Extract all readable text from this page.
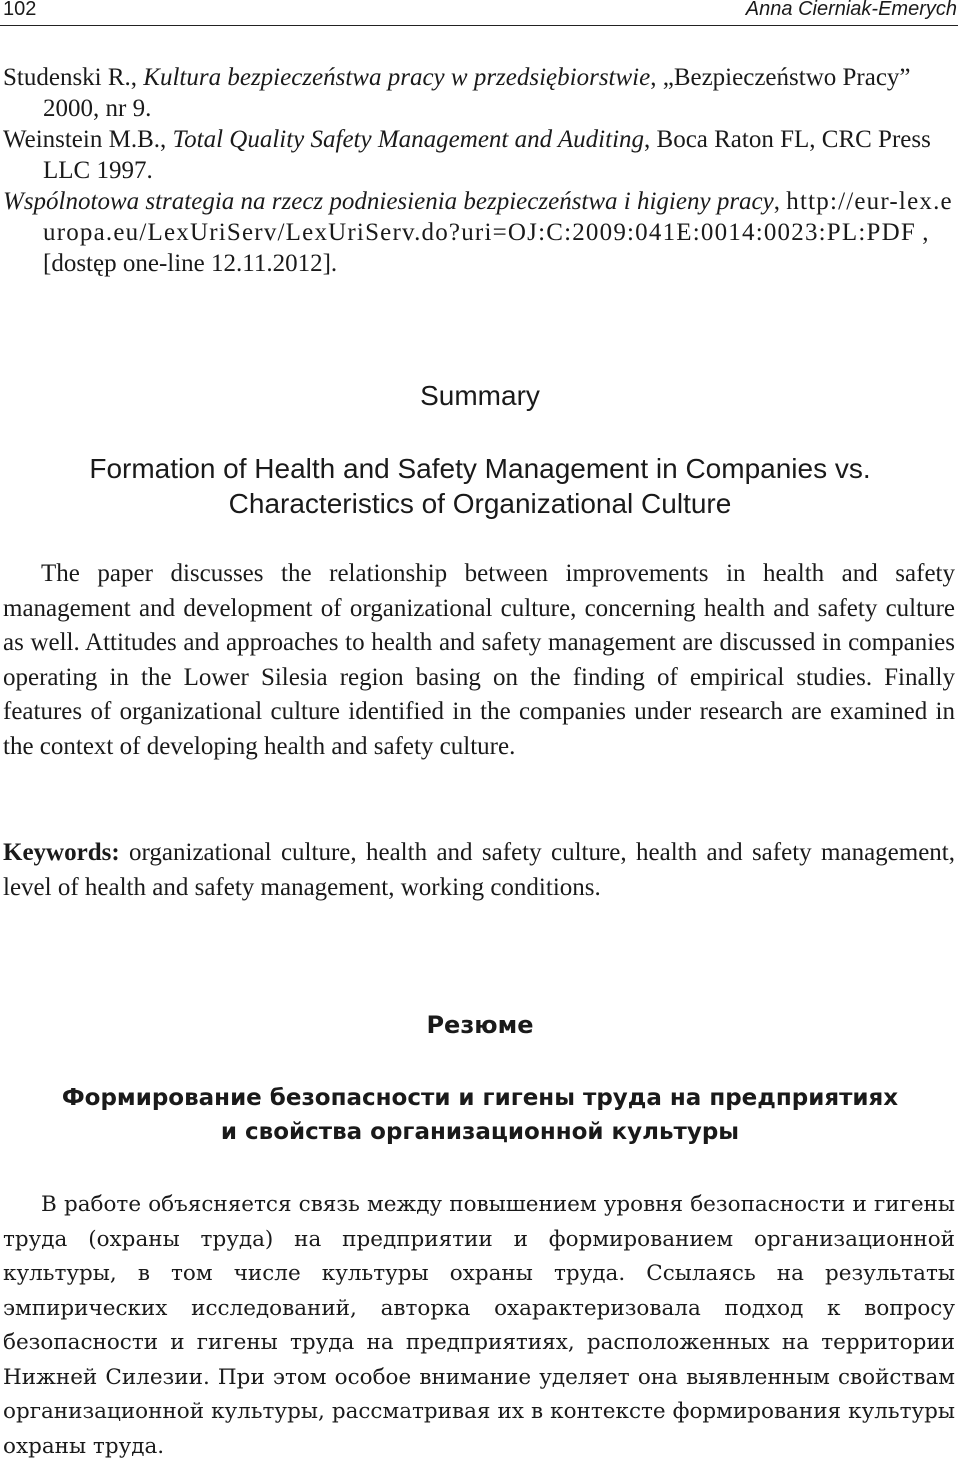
102	Anna Cierniak-Emerych
Studenski R., Kultura bezpieczeństwa pracy w przedsiębiorstwie, „Bezpieczeństwo Pracy” 2000, nr 9.
Weinstein M.B., Total Quality Safety Management and Auditing, Boca Raton FL, CRC Press LLC 1997.
Wspólnotowa strategia na rzecz podniesienia bezpieczeństwa i higieny pracy, http://eur-lex.europa.eu/LexUriServ/LexUriServ.do?uri=OJ:C:2009:041E:0014:0023:PL:PDF , [dostęp one-line 12.11.2012].
Summary
Formation of Health and Safety Management in Companies vs.
Characteristics of Organizational Culture

The paper discusses the relationship between improvements in health and safety management and development of organizational culture, concerning health and safety culture as well. Attitudes and approaches to health and safety management are discussed in companies operating in the Lower Silesia region basing on the finding of empirical studies. Finally features of organizational culture identified in the companies under research are examined in the context of developing health and safety culture.

Keywords: organizational culture, health and safety culture, health and safety management, level of health and safety management, working conditions.

Резюме
Формирование безопасности и гигены труда на предприятиях
и свойства организационной культуры

В работе объясняется связь между повышением уровня безопасности и гигены труда (охраны труда) на предприятии и формированием организационной культуры, в том числе культуры охраны труда. Ссылаясь на результаты эмпирических исследований, авторка охарактеризовала подход к вопросу безопасности и гигены труда на предприятиях, расположенных на территории Нижней Силезии. При этом особое внимание уделяет она выявленным свойствам организационной культуры, рассматривая их в контексте формирования культуры охраны труда.
